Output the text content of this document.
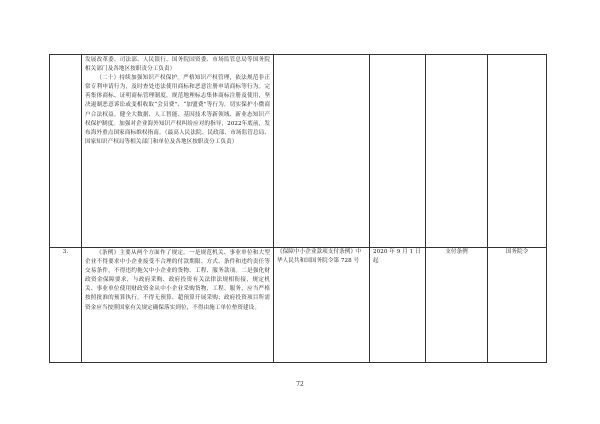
	发展改革委、司法部、人民银行、国务院国资委、市场监管总局等国务院相关部门及各地区按职责分工负责）
（二十）持续加强知识产权保护。严格知识产权管理，依法规范非正常专利申请行为，及时查处违法使用商标和恶意注册申请商标等行为。完善集体商标、证明商标管理制度，规范地理标志集体商标注册及使用，坚决遏制恶意诉讼或变相收取“会员费”、“加盟费”等行为，切实保护小微商户合法权益。健全大数据、人工智能、基因技术等新领域、新业态知识产权保护制度。加强对企业海外知识产权纠纷应对的指导，2022年底前，发布海外重点国家商标维权指南。（最高人民法院、民政部、市场监管总局、国家知识产权局等相关部门和单位及各地区按职责分工负责）				

3.	《条例》主要从两个方面作了规定。一是规范机关、事业单位和大型企业不得要求中小企业接受不合理的付款期限、方式、条件和违约责任等交易条件，不得违约拖欠中小企业的货物、工程、服务款项。二是强化财政资金保障要求，与政府采购、政府投资有关法律法规相衔接，规定机关、事业单位使用财政资金从中小企业采购货物、工程、服务，应当严格按照批准的预算执行，不得无预算、超预算开展采购；政府投资项目所需资金应当按照国家有关规定确保落实到位，不得由施工单位垫资建设。	《保障中小企业款项支付条例》中华人民共和国国务院令第 728 号	2020 年 9 月 1 日起	支付条例	国务院令
72
